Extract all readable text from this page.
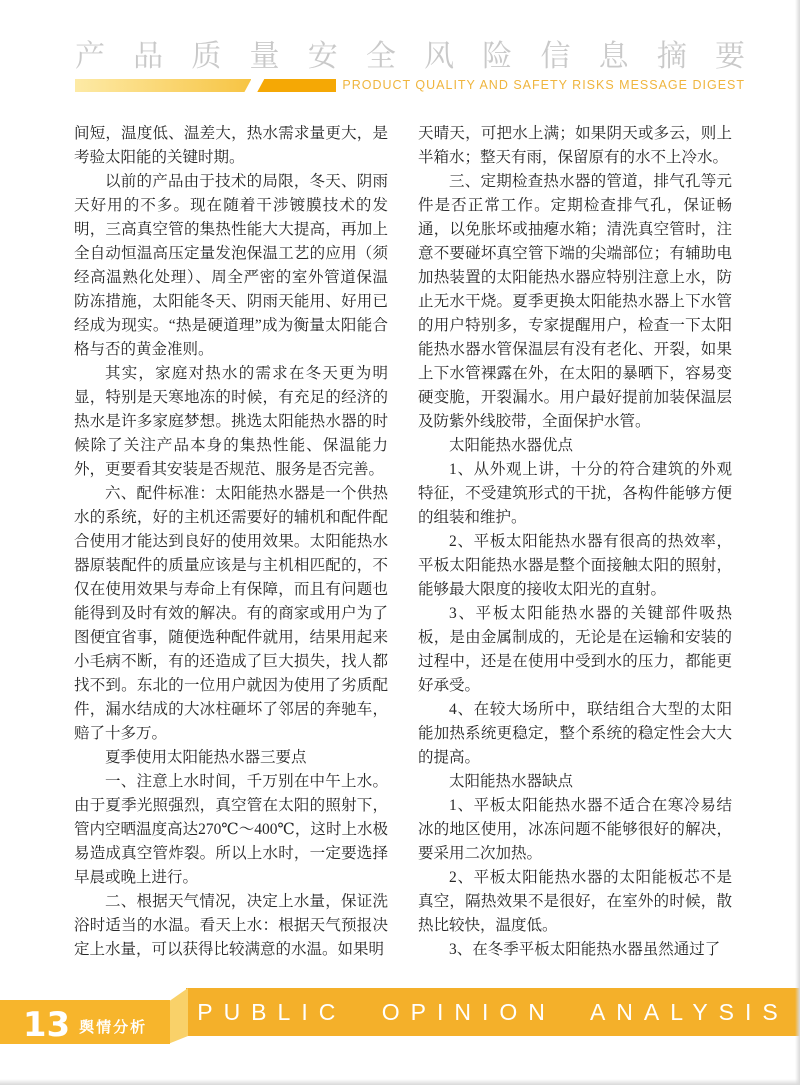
产品质量安全风险信息摘要
PRODUCT QUALITY AND SAFETY RISKS MESSAGE DIGEST

间短，温度低、温差大，热水需求量更大，是考验太阳能的关键时期。

以前的产品由于技术的局限，冬天、阴雨天好用的不多。现在随着干涉镀膜技术的发明，三高真空管的集热性能大大提高，再加上全自动恒温高压定量发泡保温工艺的应用（须经高温熟化处理）、周全严密的室外管道保温防冻措施，太阳能冬天、阴雨天能用、好用已经成为现实。“热是硬道理”成为衡量太阳能合格与否的黄金准则。

其实，家庭对热水的需求在冬天更为明显，特别是天寒地冻的时候，有充足的经济的热水是许多家庭梦想。挑选太阳能热水器的时候除了关注产品本身的集热性能、保温能力外，更要看其安装是否规范、服务是否完善。

六、配件标准：太阳能热水器是一个供热水的系统，好的主机还需要好的辅机和配件配合使用才能达到良好的使用效果。太阳能热水器原装配件的质量应该是与主机相匹配的，不仅在使用效果与寿命上有保障，而且有问题也能得到及时有效的解决。有的商家或用户为了图便宜省事，随便选种配件就用，结果用起来小毛病不断，有的还造成了巨大损失，找人都找不到。东北的一位用户就因为使用了劣质配件，漏水结成的大冰柱砸坏了邻居的奔驰车，赔了十多万。

夏季使用太阳能热水器三要点

一、注意上水时间，千万别在中午上水。由于夏季光照强烈，真空管在太阳的照射下，管内空晒温度高达270℃～400℃，这时上水极易造成真空管炸裂。所以上水时，一定要选择早晨或晚上进行。

二、根据天气情况，决定上水量，保证洗浴时适当的水温。看天上水：根据天气预报决定上水量，可以获得比较满意的水温。如果明

天晴天，可把水上满；如果阴天或多云，则上半箱水；整天有雨，保留原有的水不上冷水。

三、定期检查热水器的管道，排气孔等元件是否正常工作。定期检查排气孔，保证畅通，以免胀坏或抽瘪水箱；清洗真空管时，注意不要碰坏真空管下端的尖端部位；有辅助电加热装置的太阳能热水器应特别注意上水，防止无水干烧。夏季更换太阳能热水器上下水管的用户特别多，专家提醒用户，检查一下太阳能热水器水管保温层有没有老化、开裂，如果上下水管裸露在外，在太阳的暴晒下，容易变硬变脆，开裂漏水。用户最好提前加装保温层及防紫外线胶带，全面保护水管。

太阳能热水器优点

1、从外观上讲，十分的符合建筑的外观特征，不受建筑形式的干扰，各构件能够方便的组装和维护。

2、平板太阳能热水器有很高的热效率，平板太阳能热水器是整个面接触太阳的照射，能够最大限度的接收太阳光的直射。

3、平板太阳能热水器的关键部件吸热板，是由金属制成的，无论是在运输和安装的过程中，还是在使用中受到水的压力，都能更好承受。

4、在较大场所中，联结组合大型的太阳能加热系统更稳定，整个系统的稳定性会大大的提高。

太阳能热水器缺点

1、平板太阳能热水器不适合在寒冷易结冰的地区使用，冰冻问题不能够很好的解决，要采用二次加热。

2、平板太阳能热水器的太阳能板芯不是真空，隔热效果不是很好，在室外的时候，散热比较快，温度低。

3、在冬季平板太阳能热水器虽然通过了

PUBLIC OPINION ANALYSIS
13 舆情分析
